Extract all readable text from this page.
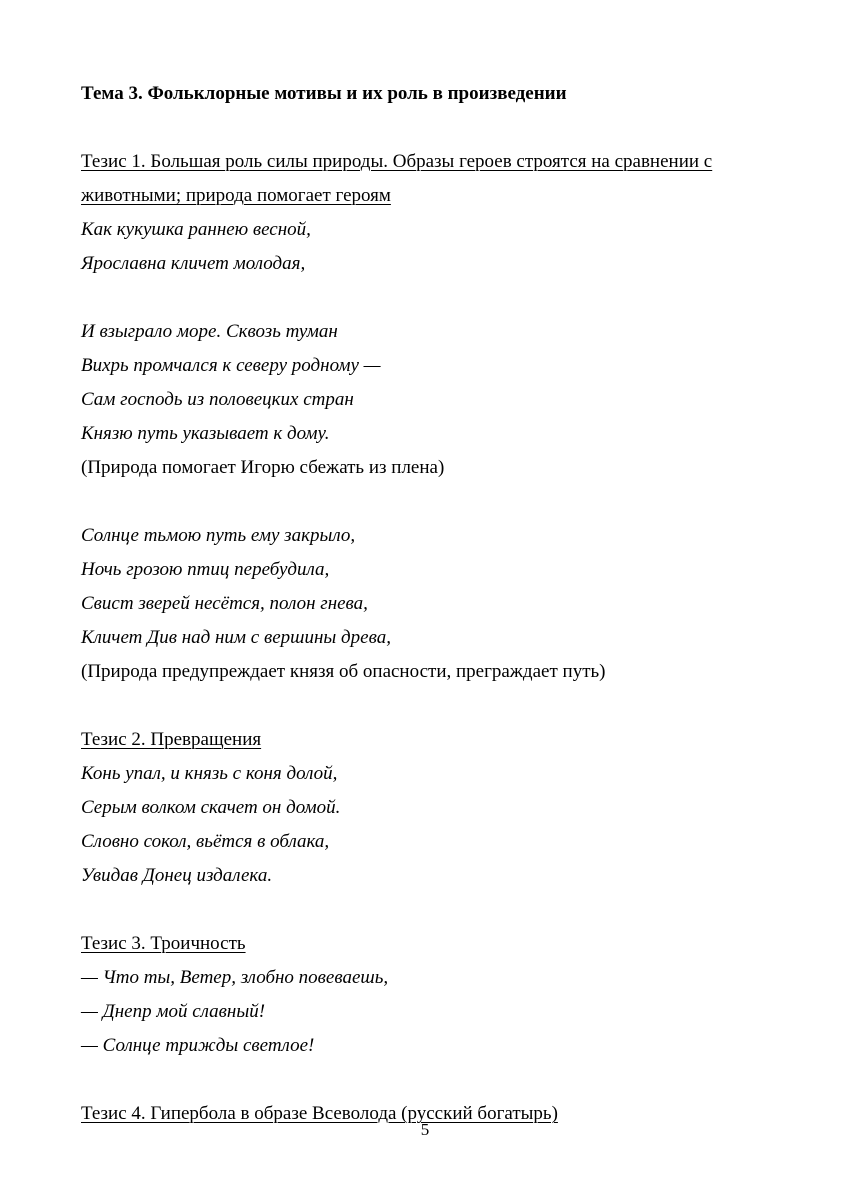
Тема 3. Фольклорные мотивы и их роль в произведении
Тезис 1. Большая роль силы природы. Образы героев строятся на сравнении с
животными; природа помогает героям
Как кукушка раннею весной,
Ярославна кличет молодая,
И взыграло море. Сквозь туман
Вихрь промчался к северу родному —
Сам господь из половецких стран
Князю путь указывает к дому.
(Природа помогает Игорю сбежать из плена)
Солнце тьмою путь ему закрыло,
Ночь грозою птиц перебудила,
Свист зверей несётся, полон гнева,
Кличет Див над ним с вершины древа,
(Природа предупреждает князя об опасности, преграждает путь)
Тезис 2. Превращения
Конь упал, и князь с коня долой,
Серым волком скачет он домой.
Словно сокол, вьётся в облака,
Увидав Донец издалека.
Тезис 3. Троичность
— Что ты, Ветер, злобно повеваешь,
— Днепр мой славный!
— Солнце трижды светлое!
Тезис 4. Гипербола в образе Всеволода (русский богатырь)
5
